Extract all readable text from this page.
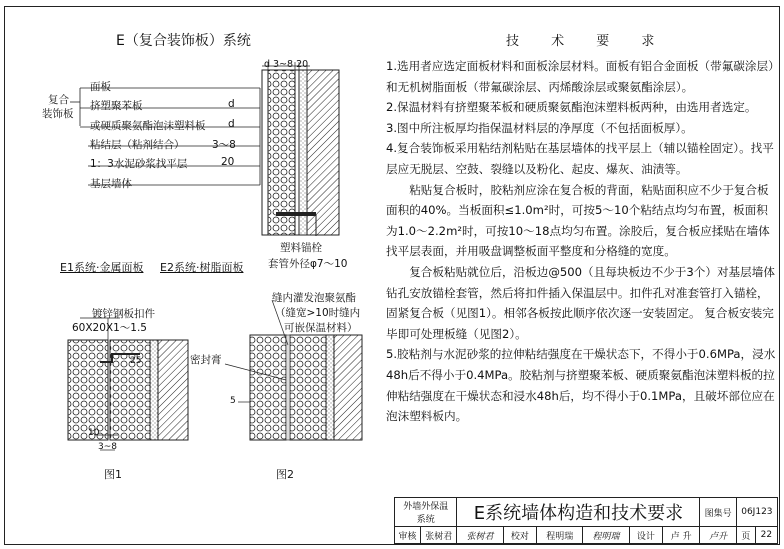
E（复合装饰板）系统
复合
装饰板
面板
挤塑聚苯板	d
或硬质聚氨酯泡沫塑料板 d
粘结层（粘剂结合）	3～8
1：3水泥砂浆找平层	20
基层墙体
d 3~8 20
塑料锚栓
套管外径φ7～10
E1系统·金属面板 E2系统·树脂面板
镀锌钢板扣件
60X20X1～1.5
25
10
3~8
图1
密封膏
缝内灌发泡聚氨酯
（缝宽>10时缝内
可嵌保温材料）
5
图2
技 术 要 求

1.选用者应选定面板材料和面板涂层材料。面板有铝合金面板（带氟碳涂层）和无机树脂面板（带氟碳涂层、丙烯酸涂层或聚氨酯涂层）。

2.保温材料有挤塑聚苯板和硬质聚氨酯泡沫塑料板两种，由选用者选定。

3.图中所注板厚均指保温材料层的净厚度（不包括面板厚）。

4.复合装饰板采用粘结剂粘贴在基层墙体的找平层上（辅以锚栓固定）。找平层应无脱层、空鼓、裂缝以及粉化、起皮、爆灰、油渍等。

粘贴复合板时，胶粘剂应涂在复合板的背面，粘贴面积应不少于复合板面积的40%。当板面积≤1.0m²时，可按5～10个粘结点均匀布置，板面积为1.0～2.2m²时，可按10～18点均匀布置。涂胶后，复合板应揉贴在墙体找平层表面，并用吸盘调整板面平整度和分格缝的宽度。

复合板粘贴就位后，沿板边@500（且每块板边不少于3个）对基层墙体钻孔安放锚栓套管，然后将扣件插入保温层中。扣件孔对准套管打入锚栓，固紧复合板（见图1）。相邻各板按此顺序依次逐一安装固定。 复合板安装完毕即可处理板缝（见图2）。

5.胶粘剂与水泥砂浆的拉伸粘结强度在干燥状态下，不得小于0.6MPa，浸水48h后不得小于0.4MPa。胶粘剂与挤塑聚苯板、硬质聚氨酯泡沫塑料板的拉伸粘结强度在干燥状态和浸水48h后，均不得小于0.1MPa，且破坏部位应在泡沫塑料板内。

外墙外保温
系统		E系统墙体构造和技术要求						图集号	06J123	
审核	张树君	张树君	校对	程明瑞	程明瑞	设计	卢 升	卢升	页	22
